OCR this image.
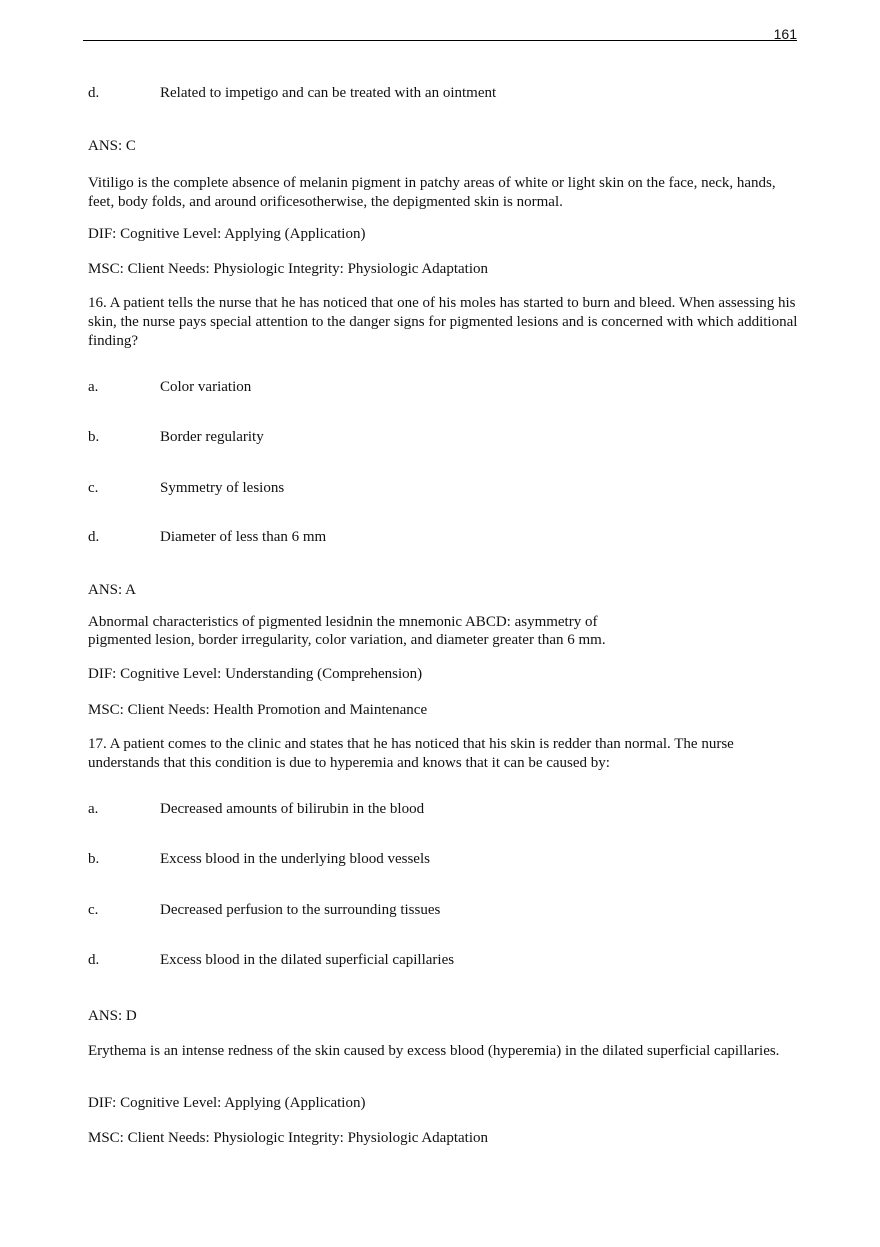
161
d.	Related to impetigo and can be treated with an ointment

ANS: C

Vitiligo is the complete absence of melanin pigment in patchy areas of white or light skin on the face, neck, hands, feet, body folds, and around orificesotherwise, the depigmented skin is normal.

DIF: Cognitive Level: Applying (Application)

MSC: Client Needs: Physiologic Integrity: Physiologic Adaptation

16. A patient tells the nurse that he has noticed that one of his moles has started to burn and bleed. When assessing his skin, the nurse pays special attention to the danger signs for pigmented lesions and is concerned with which additional finding?

a.	Color variation
b.	Border regularity
c.	Symmetry of lesions
d.	Diameter of less than 6 mm

ANS: A

Abnormal characteristics of pigmented lesidnin the mnemonic ABCD: asymmetry of

pigmented lesion, border irregularity, color variation, and diameter greater than 6 mm.

DIF: Cognitive Level: Understanding (Comprehension)

MSC: Client Needs: Health Promotion and Maintenance

17. A patient comes to the clinic and states that he has noticed that his skin is redder than normal. The nurse understands that this condition is due to hyperemia and knows that it can be caused by:

a.	Decreased amounts of bilirubin in the blood
b.	Excess blood in the underlying blood vessels
c.	Decreased perfusion to the surrounding tissues
d.	Excess blood in the dilated superficial capillaries

ANS: D

Erythema is an intense redness of the skin caused by excess blood (hyperemia) in the dilated superficial capillaries.

DIF: Cognitive Level: Applying (Application)

MSC: Client Needs: Physiologic Integrity: Physiologic Adaptation
